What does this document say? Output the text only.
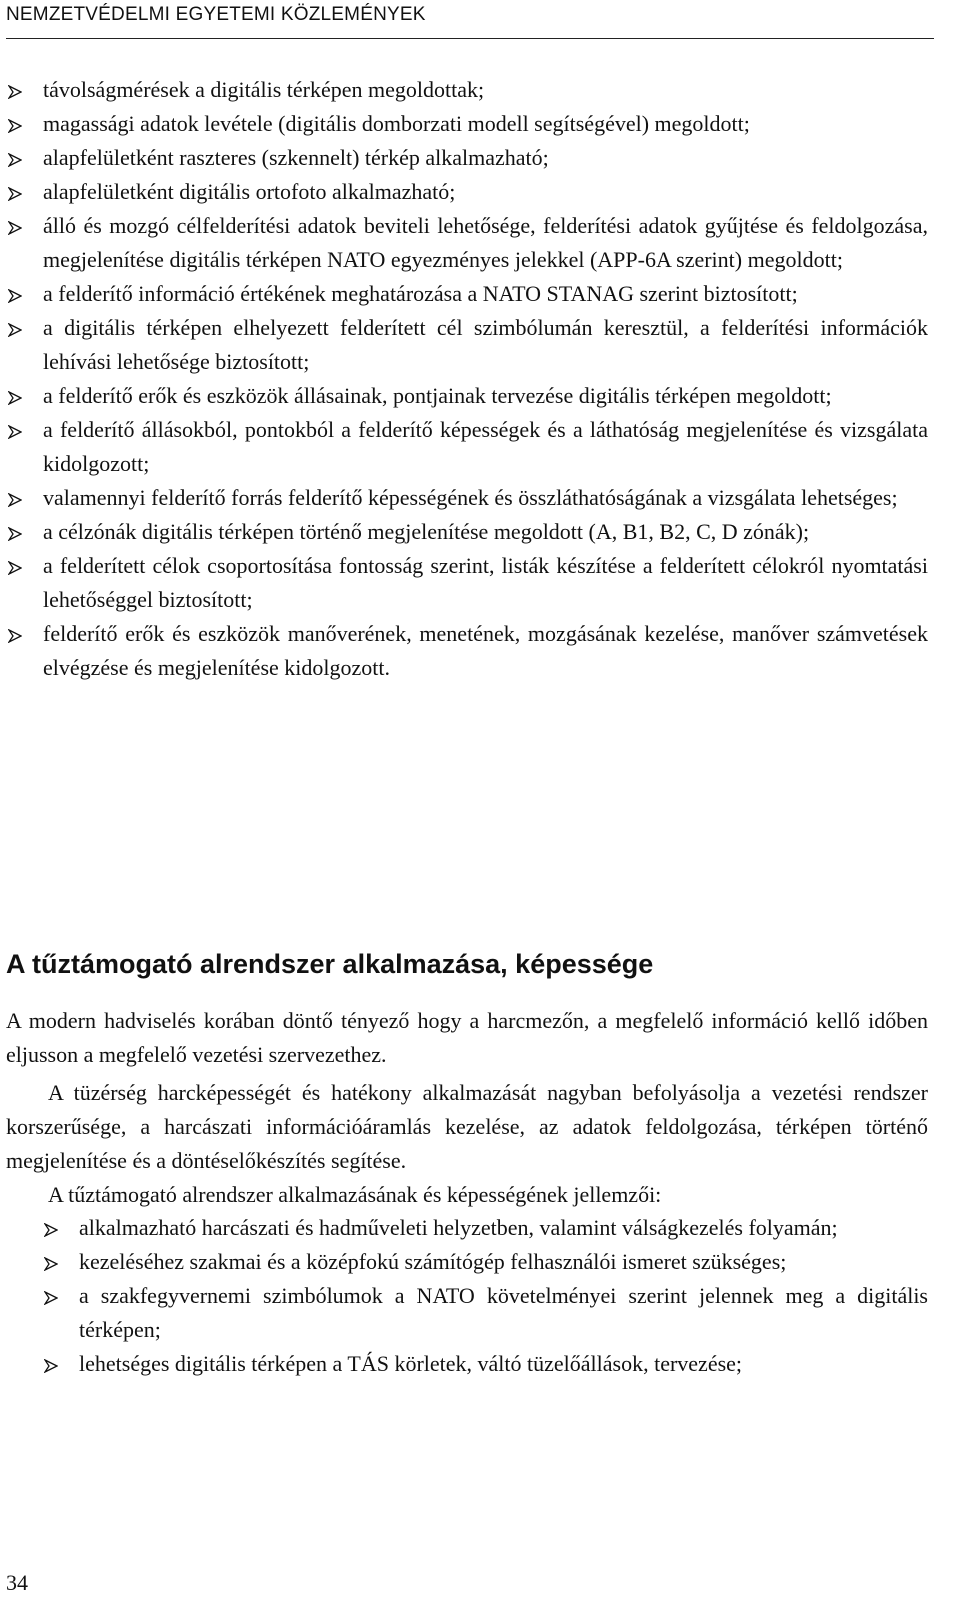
NEMZETVÉDELMI EGYETEMI KÖZLEMÉNYEK
távolságmérések a digitális térképen megoldottak;
magassági adatok levétele (digitális domborzati modell segítségével) megoldott;
alapfelületként raszteres (szkennelt) térkép alkalmazható;
alapfelületként digitális ortofoto alkalmazható;
álló és mozgó célfelderítési adatok beviteli lehetősége, felderítési adatok gyűjtése és feldolgozása, megjelenítése digitális térképen NATO egyezményes jelekkel (APP-6A szerint) megoldott;
a felderítő információ értékének meghatározása a NATO STANAG szerint biztosított;
a digitális térképen elhelyezett felderített cél szimbólumán keresztül, a felderítési információk lehívási lehetősége biztosított;
a felderítő erők és eszközök állásainak, pontjainak tervezése digitális térképen megoldott;
a felderítő állásokból, pontokból a felderítő képességek és a láthatóság megjelenítése és vizsgálata kidolgozott;
valamennyi felderítő forrás felderítő képességének és összláthatóságának a vizsgálata lehetséges;
a célzónák digitális térképen történő megjelenítése megoldott (A, B1, B2, C, D zónák);
a felderített célok csoportosítása fontosság szerint, listák készítése a felderített célokról nyomtatási lehetőséggel biztosított;
felderítő erők és eszközök manőverének, menetének, mozgásának kezelése, manőver számvetések elvégzése és megjelenítése kidolgozott.
A tűztámogató alrendszer alkalmazása, képessége

A modern hadviselés korában döntő tényező hogy a harcmezőn, a megfelelő információ kellő időben eljusson a megfelelő vezetési szervezethez.

A tüzérség harcképességét és hatékony alkalmazását nagyban befolyásolja a vezetési rendszer korszerűsége, a harcászati információáramlás kezelése, az adatok feldolgozása, térképen történő megjelenítése és a döntéselőkészítés segítése.

A tűztámogató alrendszer alkalmazásának és képességének jellemzői:

alkalmazható harcászati és hadműveleti helyzetben, valamint válságkezelés folyamán;
kezeléséhez szakmai és a középfokú számítógép felhasználói ismeret szükséges;
a szakfegyvernemi szimbólumok a NATO követelményei szerint jelennek meg a digitális térképen;
lehetséges digitális térképen a TÁS körletek, váltó tüzelőállások, tervezése;
34
